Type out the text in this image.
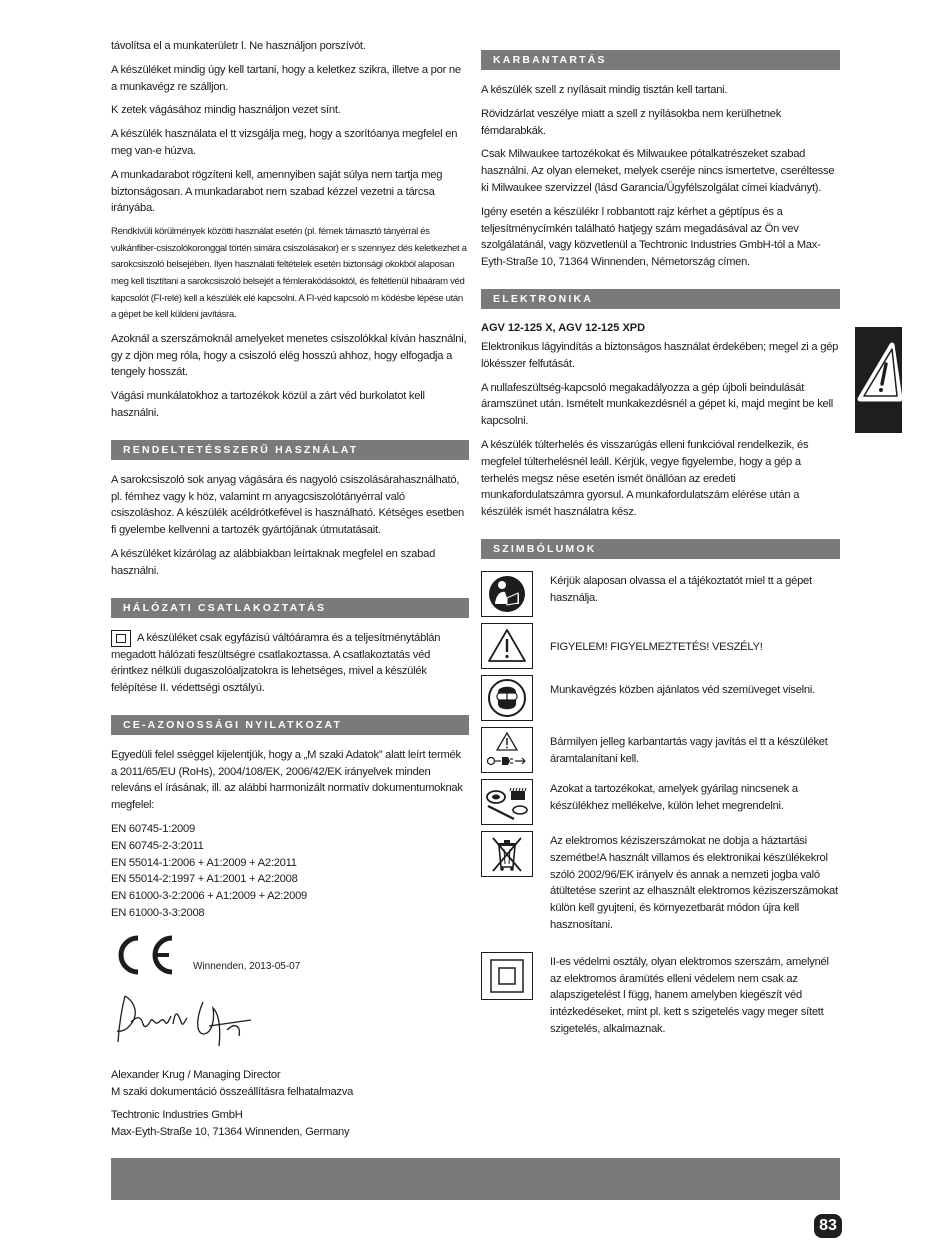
távolítsa el a munkaterületr l. Ne használjon porszívót.

A készüléket mindig úgy kell tartani, hogy a keletkez szikra, illetve a por ne a munkavégz re szálljon.

K zetek vágásához mindig használjon vezet sínt.

A készülék használata el tt vizsgálja meg, hogy a szorítóanya megfelel en meg van-e húzva.

A munkadarabot rögzíteni kell, amennyiben saját súlya nem tartja meg biztonságosan. A munkadarabot nem szabad kézzel vezetni a tárcsa irányába.

Rendkívüli körülmények közötti használat esetén (pl. fémek támasztó tányérral és vulkánfiber-csiszolókoronggal történ simára csiszolásakor) er s szennyez dés keletkezhet a sarokcsiszoló belsejében. Ilyen használati feltételek esetén biztonsági okokból alaposan meg kell tisztítani a sarokcsiszoló belsejét a fémlerakódásoktól, és feltétlenül hibaáram véd kapcsolót (FI-relé) kell a készülék elé kapcsolni. A FI-véd kapcsoló m ködésbe lépése után a gépet be kell küldeni javításra.

Azoknál a szerszámoknál amelyeket menetes csiszolókkal kíván használni, gy z djön meg róla, hogy a csiszoló elég hosszú ahhoz, hogy elfogadja a tengely hosszát.

Vágási munkálatokhoz a tartozékok közül a zárt véd burkolatot kell használni.

RENDELTETÉSSZERŰ HASZNÁLAT

A sarokcsiszoló sok anyag vágására és nagyoló csiszolásárahasználható, pl. fémhez vagy k höz, valamint m anyagcsiszolótányérral való csiszoláshoz. A készülék acéldrótkefével is használható. Kétséges esetben fi gyelembe kellvenni a tartozék gyártójának útmutatásait.

A készüléket kizárólag az alábbiakban leírtaknak megfelel en szabad használni.

HÁLÓZATI CSATLAKOZTATÁS

A készüléket csak egyfázisú váltóáramra és a teljesítménytáblán megadott hálózati feszültségre csatlakoztassa. A csatlakoztatás véd érintkez nélküli dugaszolóaljzatokra is lehetséges, mivel a készülék felépítése II. védettségi osztályú.

CE-AZONOSSÁGI NYILATKOZAT

Egyedüli felel sséggel kijelentjük, hogy a „M szaki Adatok” alatt leírt termék a 2011/65/EU (RoHs), 2004/108/EK, 2006/42/EK irányelvek minden releváns el írásának, ill. az alábbi harmonizált normatív dokumentumoknak megfelel:

EN 60745-1:2009

EN 60745-2-3:2011

EN 55014-1:2006 + A1:2009 + A2:2011

EN 55014-2:1997 + A1:2001 + A2:2008

EN 61000-3-2:2006 + A1:2009 + A2:2009

EN 61000-3-3:2008

Winnenden, 2013-05-07

Alexander Krug / Managing Director

M szaki dokumentáció összeállításra felhatalmazva

Techtronic Industries GmbH

Max-Eyth-Straße 10, 71364 Winnenden, Germany

KARBANTARTÁS

A készülék szell z nyílásait mindig tisztán kell tartani.

Rövidzárlat veszélye miatt a szell z nyílásokba nem kerülhetnek fémdarabkák.

Csak Milwaukee tartozékokat és Milwaukee pótalkatrészeket szabad használni. Az olyan elemeket, melyek cseréje nincs ismertetve, cseréltesse ki Milwaukee szervizzel (lásd Garancia/Ügyfélszolgálat címei kiadványt).

Igény esetén a készülékr l robbantott rajz kérhet a géptípus és a teljesítménycímkén található hatjegy szám megadásával az Ön vev szolgálatánál, vagy közvetlenül a Techtronic Industries GmbH-tól a Max-Eyth-Straße 10, 71364 Winnenden, Németország címen.

ELEKTRONIKA
AGV 12-125 X, AGV 12-125 XPD

Elektronikus lágyindítás a biztonságos használat érdekében; megel zi a gép lökésszer felfutását.

A nullafeszültség-kapcsoló megakadályozza a gép újboli beindulását áramszünet után. Ismételt munkakezdésnél a gépet ki, majd megint be kell kapcsolni.

A készülék túlterhelés és visszarúgás elleni funkcióval rendelkezik, és megfelel túlterhelésnél leáll. Kérjük, vegye figyelembe, hogy a gép a terhelés megsz nése esetén ismét önállóan az eredeti munkafordulatszámra gyorsul. A munkafordulatszám elérése után a készülék ismét használatra kész.

SZIMBÓLUMOK
Kérjük alaposan olvassa el a tájékoztatót miel tt a gépet használja.
FIGYELEM! FIGYELMEZTETÉS! VESZÉLY!
Munkavégzés közben ajánlatos véd szemüveget viselni.
Bármilyen jelleg karbantartás vagy javítás el tt a készüléket áramtalanítani kell.
Azokat a tartozékokat, amelyek gyárilag nincsenek a készülékhez mellékelve, külön lehet megrendelni.
Az elektromos kéziszerszámokat ne dobja a háztartási szemétbe!A használt villamos és elektronikai készülékekrol szóló 2002/96/EK irányelv és annak a nemzeti jogba való átültetése szerint az elhasznált elektromos kéziszerszámokat külön kell gyujteni, és környezetbarát módon újra kell hasznosítani.
II-es védelmi osztály, olyan elektromos szerszám, amelynél az elektromos áramütés elleni védelem nem csak az alapszigetelést l függ, hanem amelyben kiegészít véd intézkedéseket, mint pl. kett s szigetelés vagy meger sített szigetelés, alkalmaznak.
83
